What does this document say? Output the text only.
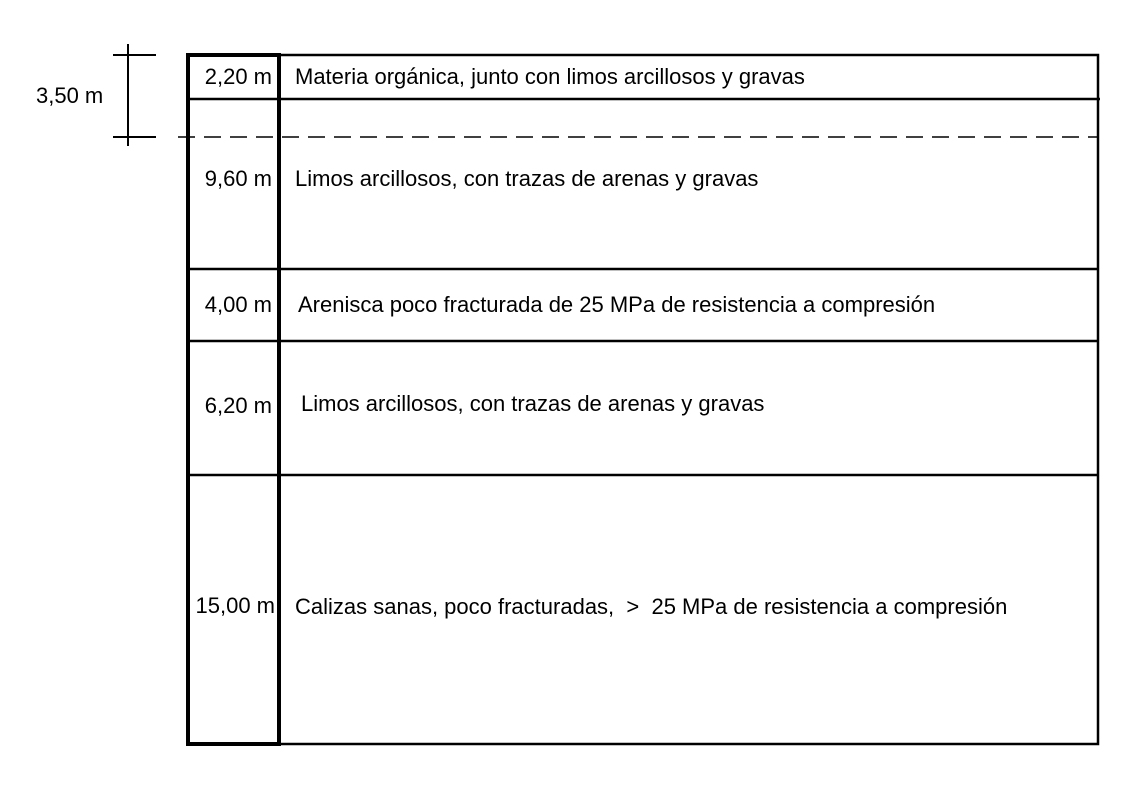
3,50 m
2,20 m Materia orgánica, junto con limos arcillosos y gravas
9,60 m Limos arcillosos, con trazas de arenas y gravas
4,00 m Arenisca poco fracturada de 25 MPa de resistencia a compresión
6,20 m Limos arcillosos, con trazas de arenas y gravas
15,00 m Calizas sanas, poco fracturadas,  >  25 MPa de resistencia a compresión
